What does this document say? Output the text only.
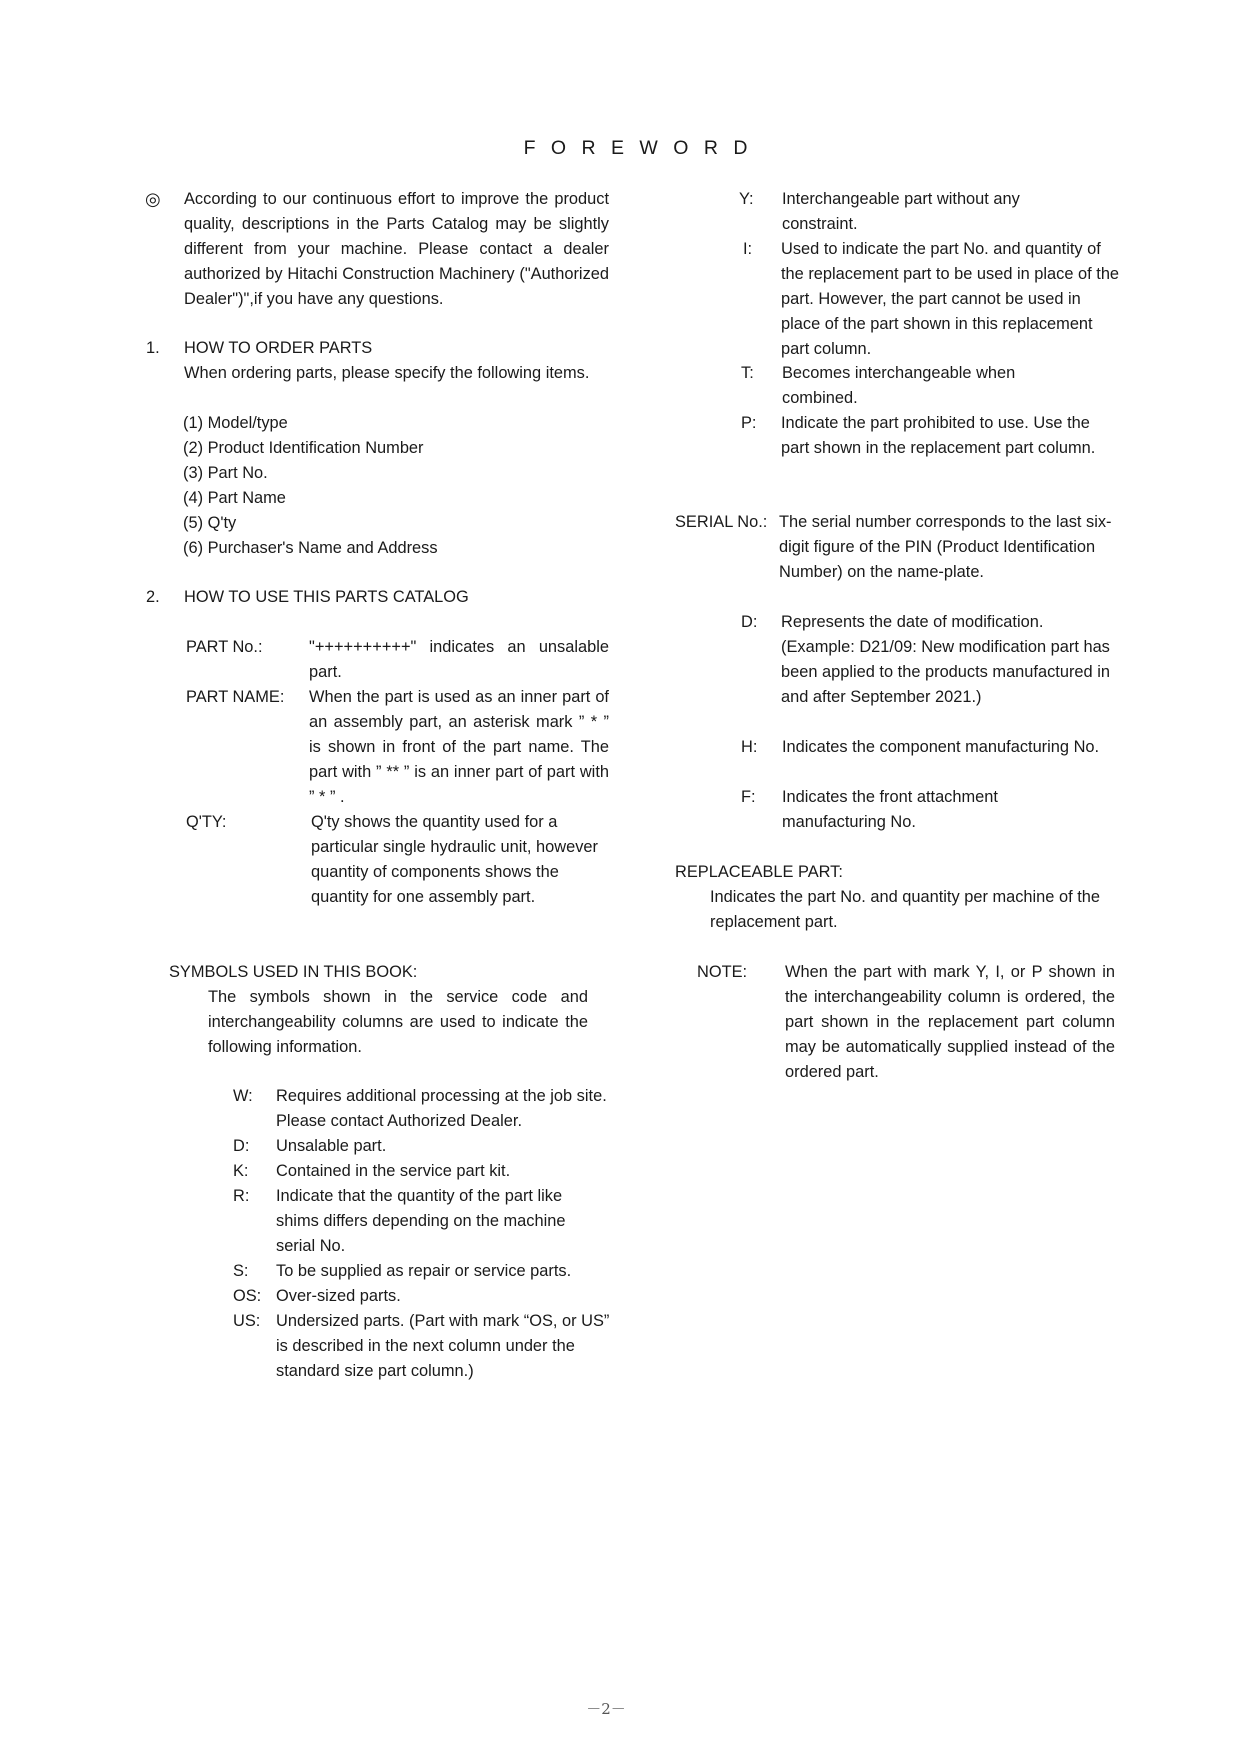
F O R E W O R D
◎ According to our continuous effort to improve the product quality, descriptions in the Parts Catalog may be slightly different from your machine. Please contact a dealer authorized by Hitachi Construction Machinery ("Authorized Dealer")",if you have any questions.
1. HOW TO ORDER PARTS
When ordering parts, please specify the following items.
(1) Model/type
(2) Product Identification Number
(3) Part No.
(4) Part Name
(5) Q'ty
(6) Purchaser's Name and Address
2. HOW TO USE THIS PARTS CATALOG
PART No.:	"++++++++++" indicates an unsalable part.
PART NAME: When the part is used as an inner part of an assembly part, an asterisk mark ” * ” is shown in front of the part name. The part with ” ** ” is an inner part of part with ” * ” .
Q'TY:	Q'ty shows the quantity used for a particular single hydraulic unit, however quantity of components shows the quantity for one assembly part.
SYMBOLS USED IN THIS BOOK:
The symbols shown in the service code and interchangeability columns are used to indicate the following information.
W: Requires additional processing at the job site. Please contact Authorized Dealer.
D: Unsalable part.
K: Contained in the service part kit.
R: Indicate that the quantity of the part like shims differs depending on the machine serial No.
S: To be supplied as repair or service parts.
OS: Over-sized parts.
US: Undersized parts. (Part with mark “OS, or US” is described in the next column under the standard size part column.)
Y: Interchangeable part without any constraint.
I: Used to indicate the part No. and quantity of the replacement part to be used in place of the part. However, the part cannot be used in place of the part shown in this replacement part column.
T: Becomes interchangeable when combined.
P: Indicate the part prohibited to use. Use the part shown in the replacement part column.
SERIAL No.: The serial number corresponds to the last six-digit figure of the PIN (Product Identification Number) on the name-plate.
D: Represents the date of modification. (Example: D21/09: New modification part has been applied to the products manufactured in and after September 2021.)
H: Indicates the component manufacturing No.
F: Indicates the front attachment manufacturing No.
REPLACEABLE PART:
Indicates the part No. and quantity per machine of the replacement part.
NOTE: When the part with mark Y, I, or P shown in the interchangeability column is ordered, the part shown in the replacement part column may be automatically supplied instead of the ordered part.
－2－
